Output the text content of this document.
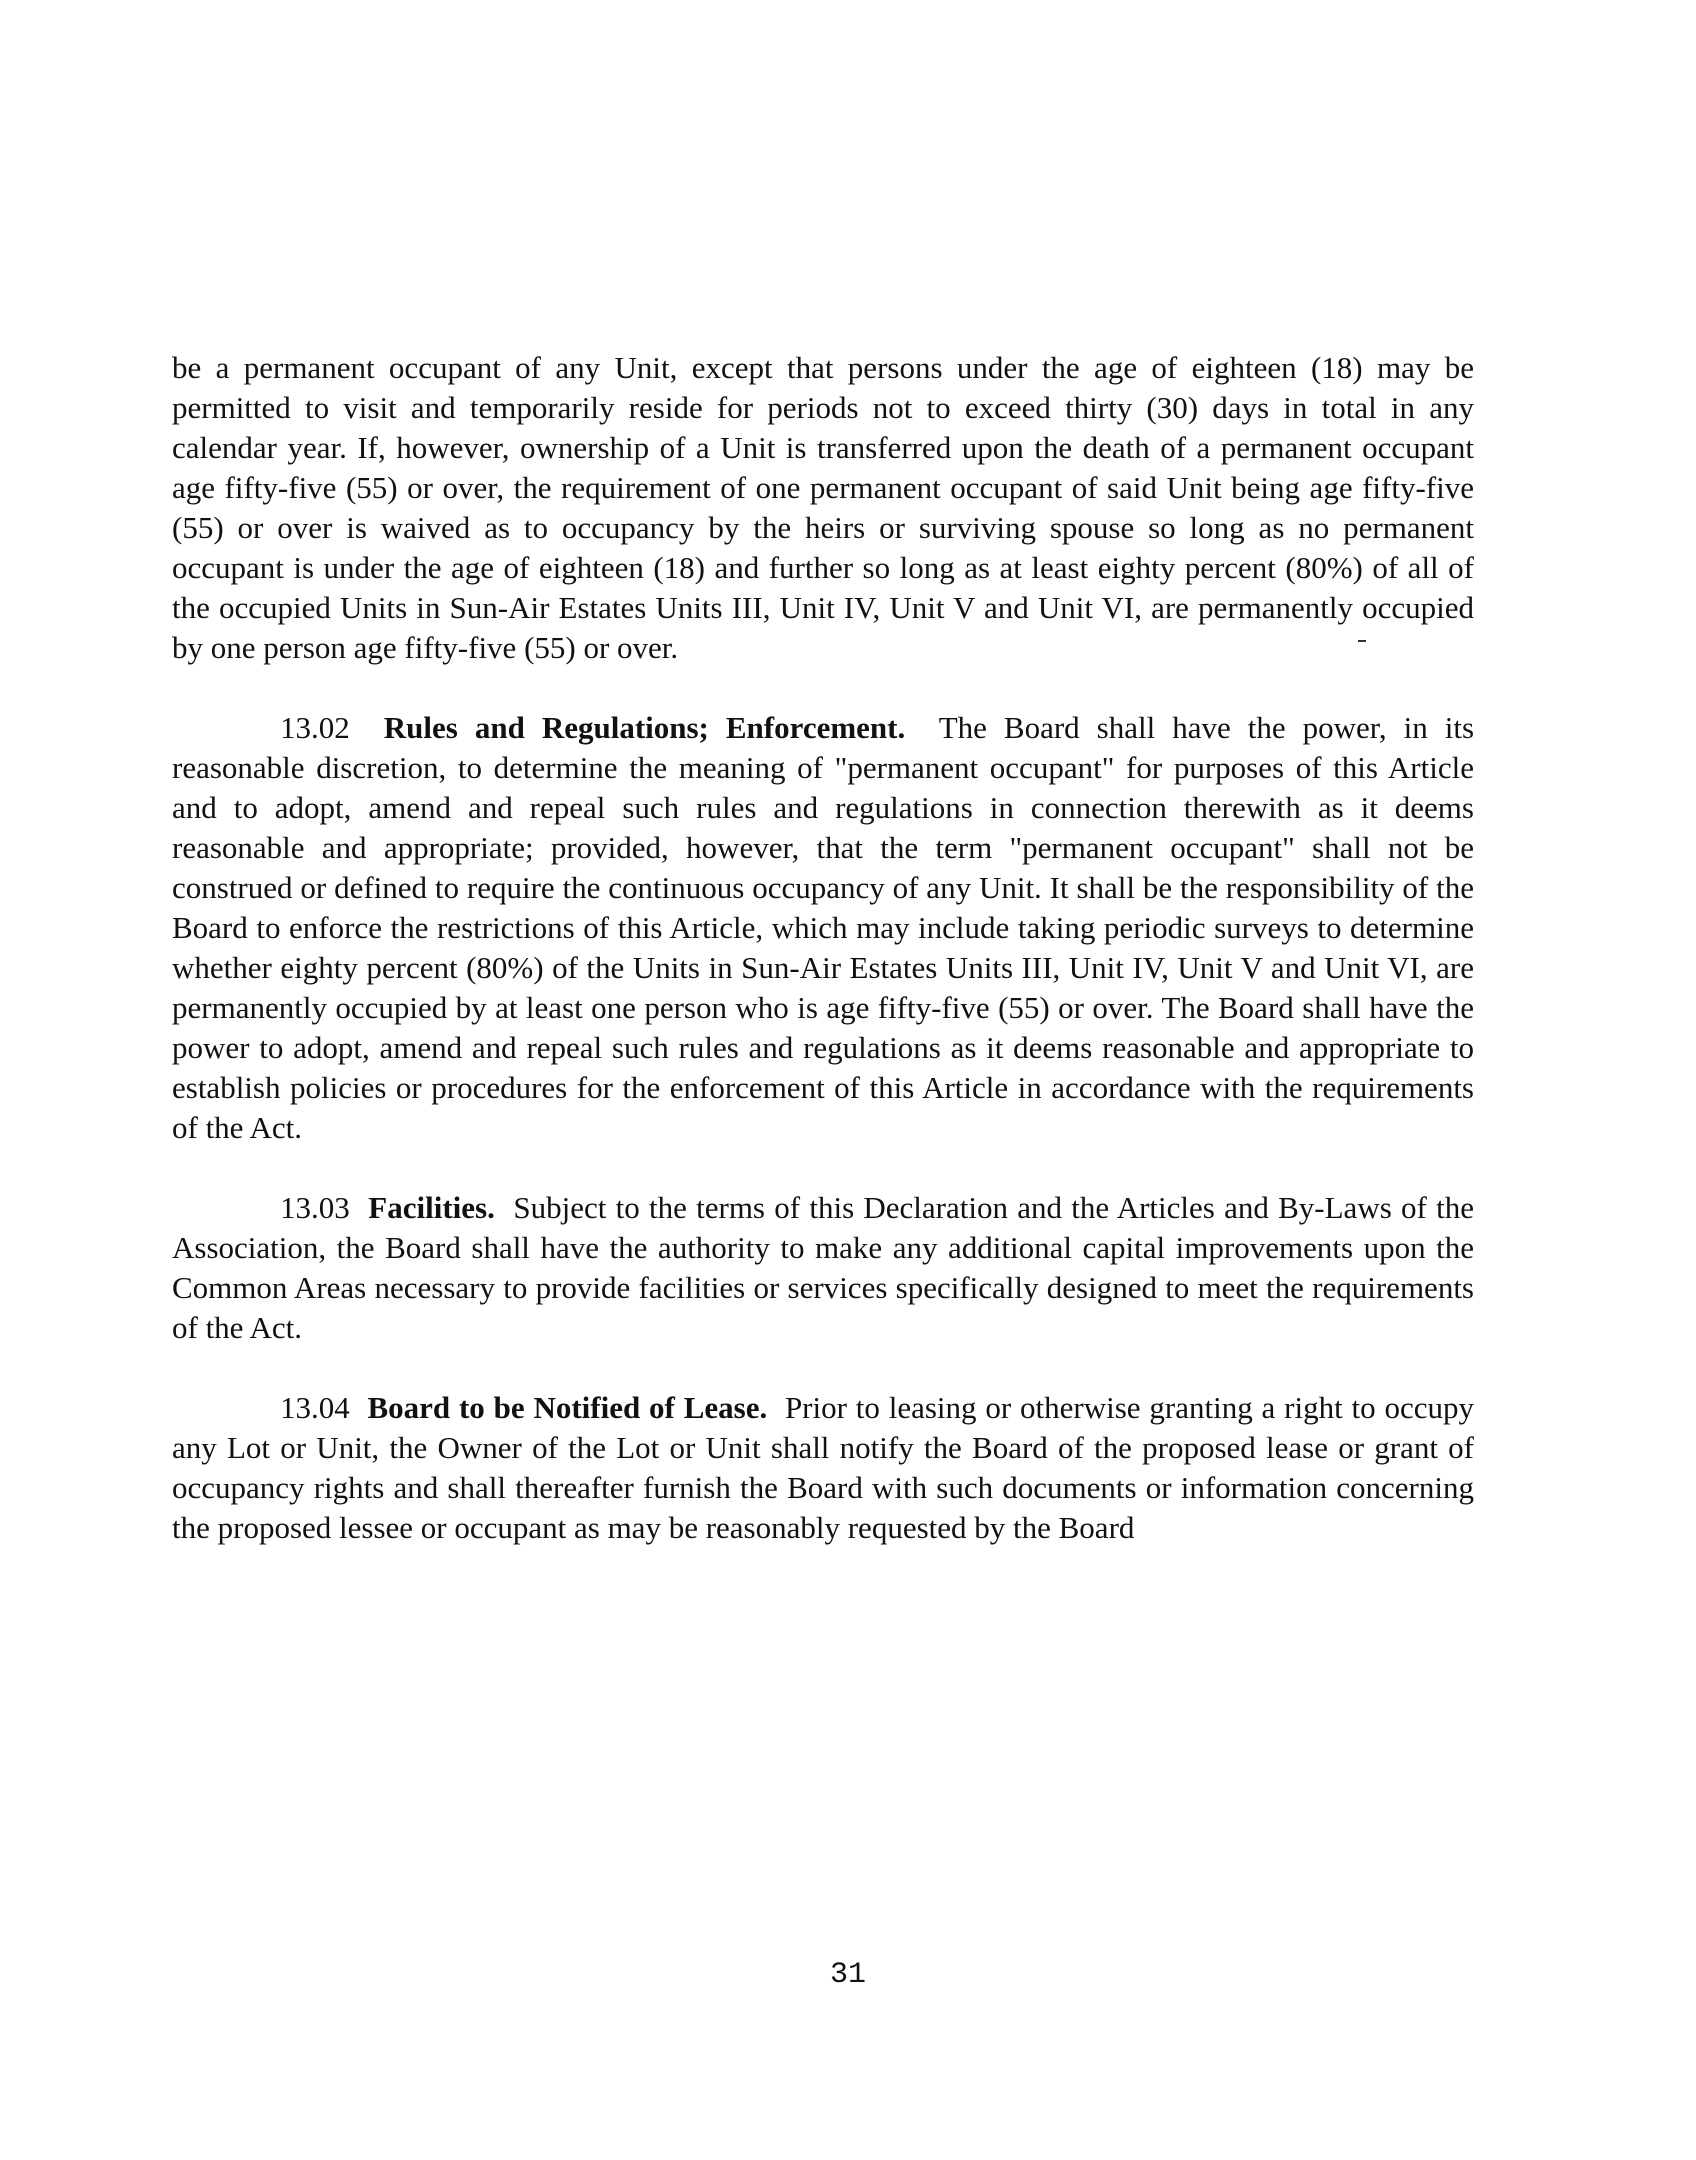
be a permanent occupant of any Unit, except that persons under the age of eighteen (18) may be permitted to visit and temporarily reside for periods not to exceed thirty (30) days in total in any calendar year. If, however, ownership of a Unit is transferred upon the death of a permanent occupant age fifty-five (55) or over, the requirement of one permanent occupant of said Unit being age fifty-five (55) or over is waived as to occupancy by the heirs or surviving spouse so long as no permanent occupant is under the age of eighteen (18) and further so long as at least eighty percent (80%) of all of the occupied Units in Sun-Air Estates Units III, Unit IV, Unit V and Unit VI, are permanently occupied by one person age fifty-five (55) or over.

13.02 Rules and Regulations; Enforcement. The Board shall have the power, in its reasonable discretion, to determine the meaning of "permanent occupant" for purposes of this Article and to adopt, amend and repeal such rules and regulations in connection therewith as it deems reasonable and appropriate; provided, however, that the term "permanent occupant" shall not be construed or defined to require the continuous occupancy of any Unit. It shall be the responsibility of the Board to enforce the restrictions of this Article, which may include taking periodic surveys to determine whether eighty percent (80%) of the Units in Sun-Air Estates Units III, Unit IV, Unit V and Unit VI, are permanently occupied by at least one person who is age fifty-five (55) or over. The Board shall have the power to adopt, amend and repeal such rules and regulations as it deems reasonable and appropriate to establish policies or procedures for the enforcement of this Article in accordance with the requirements of the Act.

13.03 Facilities. Subject to the terms of this Declaration and the Articles and By-Laws of the Association, the Board shall have the authority to make any additional capital improvements upon the Common Areas necessary to provide facilities or services specifically designed to meet the requirements of the Act.

13.04 Board to be Notified of Lease. Prior to leasing or otherwise granting a right to occupy any Lot or Unit, the Owner of the Lot or Unit shall notify the Board of the proposed lease or grant of occupancy rights and shall thereafter furnish the Board with such documents or information concerning the proposed lessee or occupant as may be reasonably requested by the Board

31
